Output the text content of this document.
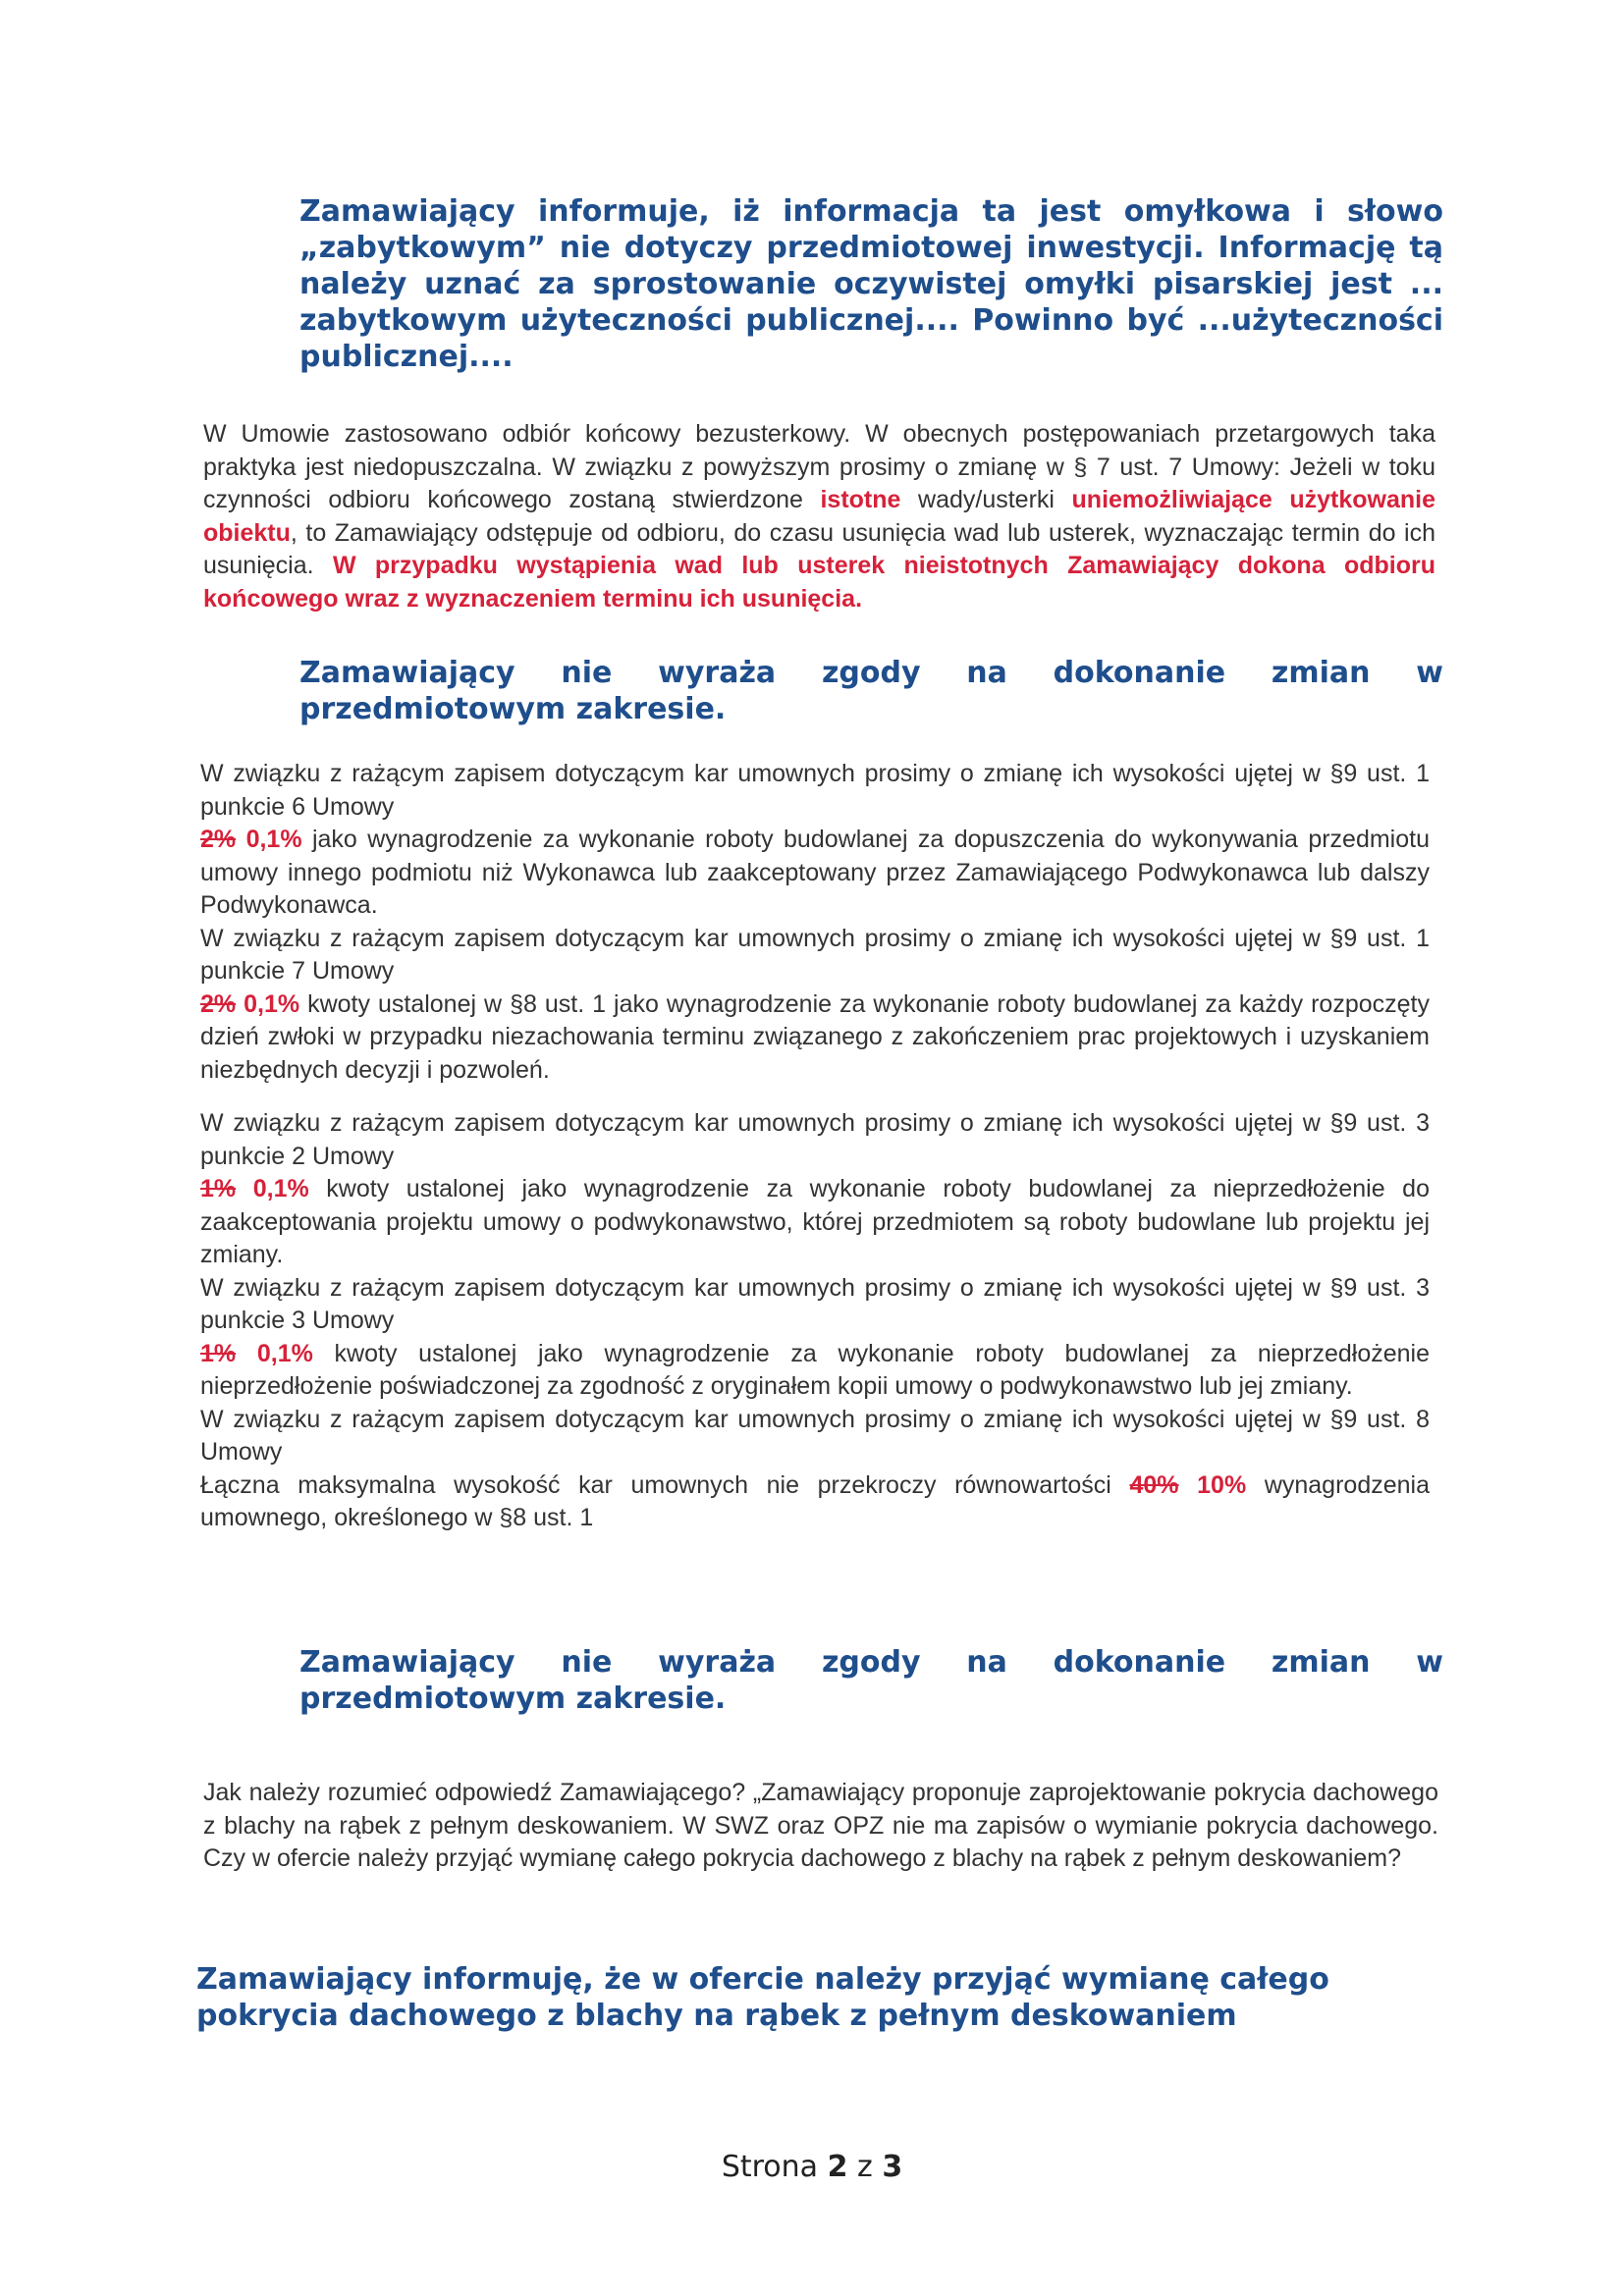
Zamawiający informuje, iż informacja ta jest omyłkowa i słowo „zabytkowym” nie dotyczy przedmiotowej inwestycji. Informację tą należy uznać za sprostowanie oczywistej omyłki pisarskiej jest ... zabytkowym użyteczności publicznej.... Powinno być ...użyteczności publicznej....

W Umowie zastosowano odbiór końcowy bezusterkowy. W obecnych postępowaniach przetargowych taka praktyka jest niedopuszczalna. W związku z powyższym prosimy o zmianę w § 7 ust. 7 Umowy: Jeżeli w toku czynności odbioru końcowego zostaną stwierdzone istotne wady/usterki uniemożliwiające użytkowanie obiektu, to Zamawiający odstępuje od odbioru, do czasu usunięcia wad lub usterek, wyznaczając termin do ich usunięcia. W przypadku wystąpienia wad lub usterek nieistotnych Zamawiający dokona odbioru końcowego wraz z wyznaczeniem terminu ich usunięcia.

Zamawiający nie wyraża zgody na dokonanie zmian w przedmiotowym zakresie.

W związku z rażącym zapisem dotyczącym kar umownych prosimy o zmianę ich wysokości ujętej w §9 ust. 1 punkcie 6 Umowy

2% 0,1% jako wynagrodzenie za wykonanie roboty budowlanej za dopuszczenia do wykonywania przedmiotu umowy innego podmiotu niż Wykonawca lub zaakceptowany przez Zamawiającego Podwykonawca lub dalszy Podwykonawca.

W związku z rażącym zapisem dotyczącym kar umownych prosimy o zmianę ich wysokości ujętej w §9 ust. 1 punkcie 7 Umowy

2% 0,1% kwoty ustalonej w §8 ust. 1 jako wynagrodzenie za wykonanie roboty budowlanej za każdy rozpoczęty dzień zwłoki w przypadku niezachowania terminu związanego z zakończeniem prac projektowych i uzyskaniem niezbędnych decyzji i pozwoleń.

W związku z rażącym zapisem dotyczącym kar umownych prosimy o zmianę ich wysokości ujętej w §9 ust. 3 punkcie 2 Umowy

1% 0,1% kwoty ustalonej jako wynagrodzenie za wykonanie roboty budowlanej za nieprzedłożenie do zaakceptowania projektu umowy o podwykonawstwo, której przedmiotem są roboty budowlane lub projektu jej zmiany.

W związku z rażącym zapisem dotyczącym kar umownych prosimy o zmianę ich wysokości ujętej w §9 ust. 3 punkcie 3 Umowy

1% 0,1% kwoty ustalonej jako wynagrodzenie za wykonanie roboty budowlanej za nieprzedłożenie nieprzedłożenie poświadczonej za zgodność z oryginałem kopii umowy o podwykonawstwo lub jej zmiany.

W związku z rażącym zapisem dotyczącym kar umownych prosimy o zmianę ich wysokości ujętej w §9 ust. 8 Umowy

Łączna maksymalna wysokość kar umownych nie przekroczy równowartości 40% 10% wynagrodzenia umownego, określonego w §8 ust. 1

Zamawiający nie wyraża zgody na dokonanie zmian w przedmiotowym zakresie.

Jak należy rozumieć odpowiedź Zamawiającego? „Zamawiający proponuje zaprojektowanie pokrycia dachowego z blachy na rąbek z pełnym deskowaniem. W SWZ oraz OPZ nie ma zapisów o wymianie pokrycia dachowego. Czy w ofercie należy przyjąć wymianę całego pokrycia dachowego z blachy na rąbek z pełnym deskowaniem?

Zamawiający informuję, że w ofercie należy przyjąć wymianę całego pokrycia dachowego z blachy na rąbek z pełnym deskowaniem

Strona 2 z 3
